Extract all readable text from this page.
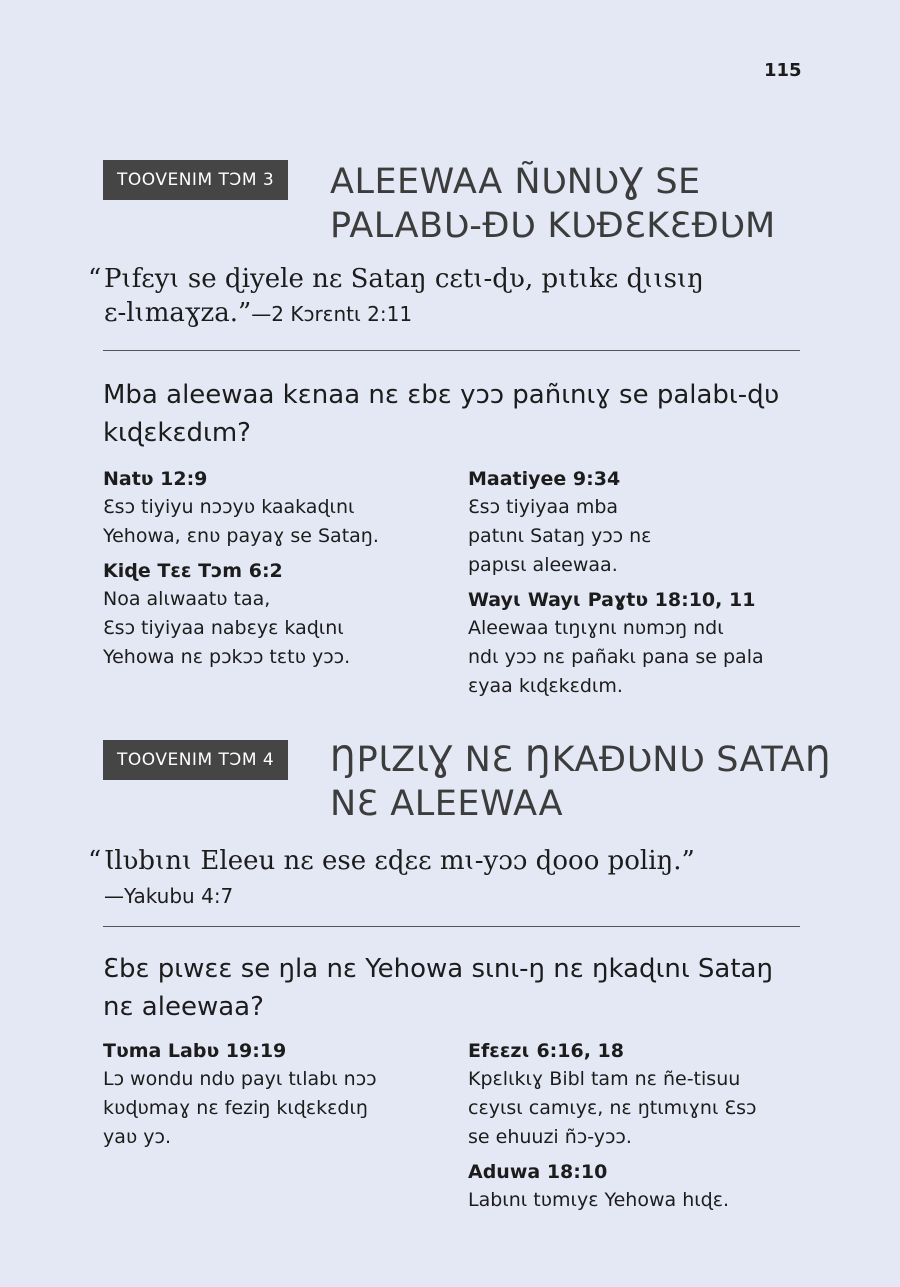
115
TOOVENIM TƆM 3	ALEEWAA ÑƲNƲƔ SE PALABƲ-ƉƲ KƲƉƐKƐƉƲM
“ Pɩfɛyɩ se ɖiyele nɛ Sataŋ cɛtɩ-ɖʋ, pɩtɩkɛ ɖɩɩsɩŋ
ɛ-lɩmaɣza.”—2 Kɔrɛntɩ 2:11
Mba aleewaa kɛnaa nɛ ɛbɛ yɔɔ pañɩnɩɣ se palabɩ-ɖʋ kɩɖɛkɛdɩm?
Natʋ 12:9
Ɛsɔ tiyiyu nɔɔyʋ kaakaɖɩnɩ
Yehowa, ɛnʋ payaɣ se Sataŋ.
Kiɖe Tɛɛ Tɔm 6:2
Noa alɩwaatʋ taa,
Ɛsɔ tiyiyaa nabɛyɛ kaɖɩnɩ
Yehowa nɛ pɔkɔɔ tɛtʋ yɔɔ.
Maatiyee 9:34
Ɛsɔ tiyiyaa mba
patɩnɩ Sataŋ yɔɔ nɛ
papɩsɩ aleewaa.
Wayɩ Wayɩ Paɣtʋ 18:10, 11
Aleewaa tɩŋɩɣnɩ nʋmɔŋ ndɩ
ndɩ yɔɔ nɛ pañakɩ pana se pala
ɛyaa kɩɖɛkɛdɩm.
TOOVENIM TƆM 4	ŊPƖZƖƔ NƐ ŊKAƉƲNƲ SATAŊ NƐ ALEEWAA
“ Ɩlʋbɩnɩ Eleeu nɛ ese ɛɖɛɛ mɩ-yɔɔ ɖooo poliŋ.”
—Yakubu 4:7
Ɛbɛ pɩwɛɛ se ŋla nɛ Yehowa sɩnɩ-ŋ nɛ ŋkaɖɩnɩ Sataŋ nɛ aleewaa?
Tʋma Labʋ 19:19
Lɔ wondu ndʋ payɩ tɩlabɩ nɔɔ
kʋɖʋmaɣ nɛ feziŋ kɩɖɛkɛdɩŋ
yaʋ yɔ.
Efɛɛzɩ 6:16, 18
Kpɛlɩkɩɣ Bibl tam nɛ ñe-tisuu
cɛyɩsɩ camɩyɛ, nɛ ŋtɩmɩɣnɩ Ɛsɔ
se ehuuzi ñɔ-yɔɔ.
Aduwa 18:10
Labɩnɩ tʋmɩyɛ Yehowa hɩɖɛ.
